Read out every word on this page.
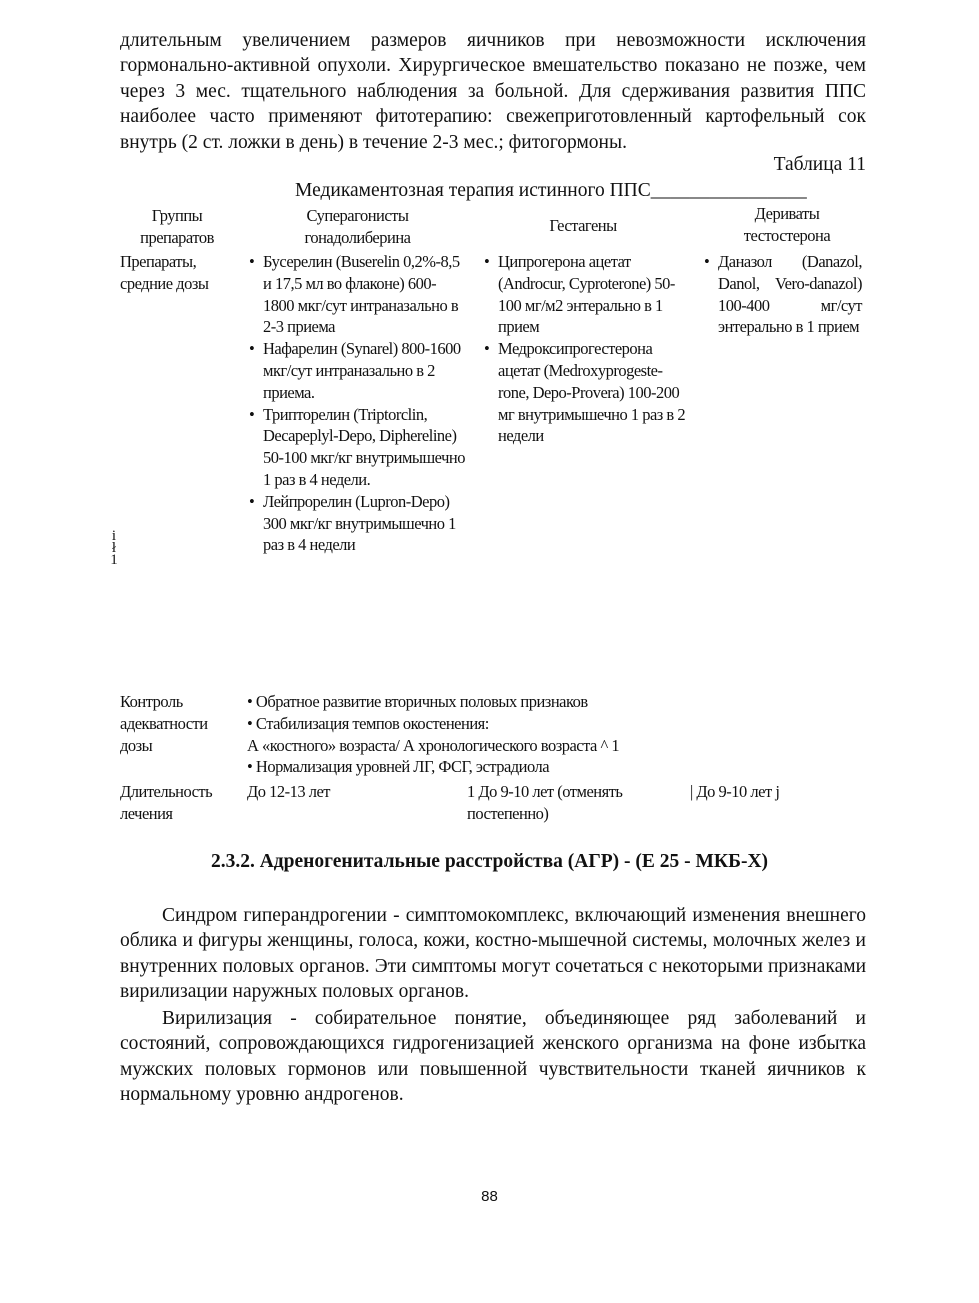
длительным увеличением размеров яичников при невозможности исключения гормонально-активной опухоли. Хирургическое вмешательство показано не позже, чем через 3 мес. тщательного наблюдения за больной. Для сдерживания развития ППС наиболее часто применяют фитотерапию: свежеприготовленный картофельный сок внутрь (2 ст. ложки в день) в течение 2-3 мес.; фитогормоны.

Таблица 11
Медикаментозная терапия истинного ППС________________
Группы препаратов
Суперагонисты гонадолиберина
Гестагены
Дериваты тестостерона
Препараты, средние дозы
• Бусерелин (Buserelin 0,2%-8,5 и 17,5 мл во флаконе) 600-1800 мкг/сут интраназально в 2-3 приема
• Нафарелин (Synarel) 800-1600 мкг/сут интраназально в 2 приема.
• Трипторелин (Triptorclin, Decapeplyl-Depo, Diphereline) 50-100 мкг/кг внутримышечно 1 раз в 4 недели.
• Лейпрорелин (Lupron-Depo) 300 мкг/кг внутримышечно 1 раз в 4 недели
• Ципрогерона ацетат (Androcur, Cyproterone) 50-100 мг/м2 энтерально в 1 прием
• Медроксипрогестерона ацетат (Medroxyprogeste-rone, Depo-Provera) 100-200 мг внутримышечно 1 раз в 2 недели
• Даназол (Danazol, Danol, Vero-danazol) 100-400 мг/сут энтерально в 1 прием
i ł 1
Контроль адекватности дозы
• Обратное развитие вторичных половых признаков
• Стабилизация темпов окостенения:
А «костного» возраста/ А хронологического возраста ^ 1
• Нормализация уровней ЛГ, ФСГ, эстрадиола
Длительность лечения
До 12-13 лет	1 До 9-10 лет (отменять постепенно)
| До 9-10 лет j
2.3.2. Адреногенитальные расстройства (АГР) - (Е 25 - МКБ-Х)

Синдром гиперандрогении - симптомокомплекс, включающий изменения внешнего облика и фигуры женщины, голоса, кожи, костно-мышечной системы, молочных желез и внутренних половых органов. Эти симптомы могут сочетаться с некоторыми признаками вирилизации наружных половых органов.

Вирилизация - собирательное понятие, объединяющее ряд заболеваний и состояний, сопровождающихся гидрогенизацией женского организма на фоне избытка мужских половых гормонов или повышенной чувствительности тканей яичников к нормальному уровню андрогенов.

88
